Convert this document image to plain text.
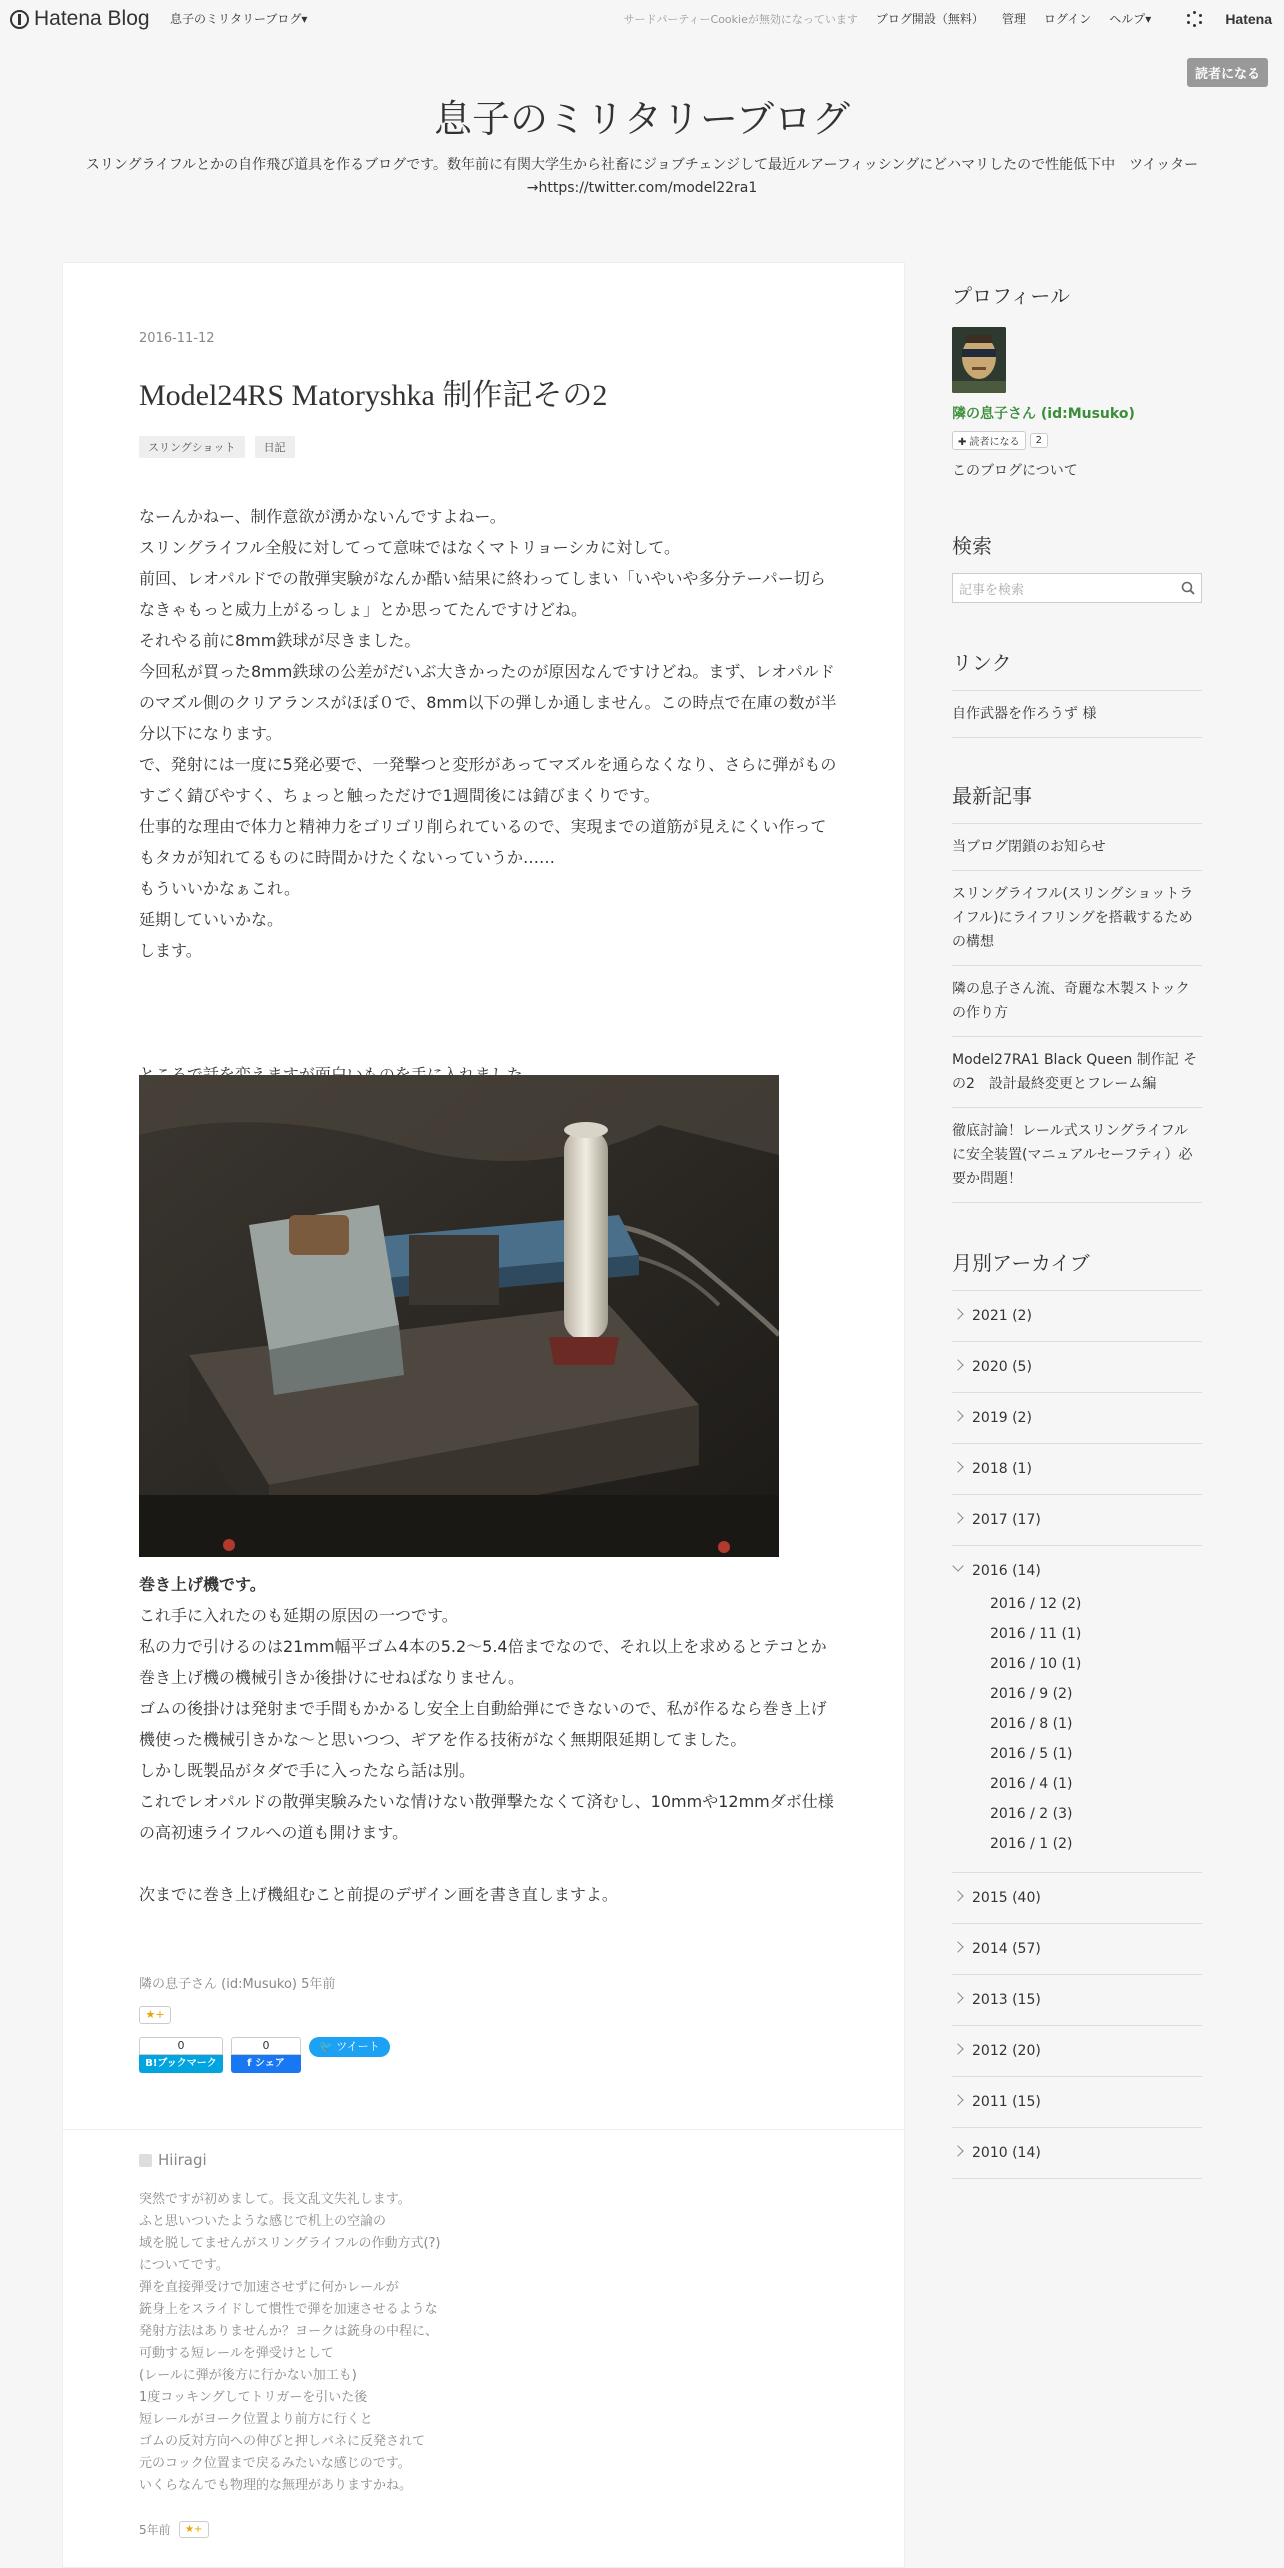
Hatena Blog 息子のミリタリーブログ▾	サードパーティーCookieが無効になっています ブログ開設（無料） 管理 ログイン ヘルプ▾	Hatena
読者になる
息子のミリタリーブログ
スリングライフルとかの自作飛び道具を作るブログです。数年前に有関大学生から社畜にジョブチェンジして最近ルアーフィッシングにどハマリしたので性能低下中　ツイッター→https://twitter.com/model22ra1
2016-11-12
Model24RS Matoryshka 制作記その2
スリングショット	日記

なーんかねー、制作意欲が湧かないんですよねー。

スリングライフル全般に対してって意味ではなくマトリョーシカに対して。

前回、レオパルドでの散弾実験がなんか酷い結果に終わってしまい「いやいや多分テーパー切らなきゃもっと威力上がるっしょ」とか思ってたんですけどね。

それやる前に8mm鉄球が尽きました。

今回私が買った8mm鉄球の公差がだいぶ大きかったのが原因なんですけどね。まず、レオパルドのマズル側のクリアランスがほぼ０で、8mm以下の弾しか通しません。この時点で在庫の数が半分以下になります。

で、発射には一度に5発必要で、一発撃つと変形があってマズルを通らなくなり、さらに弾がものすごく錆びやすく、ちょっと触っただけで1週間後には錆びまくりです。

仕事的な理由で体力と精神力をゴリゴリ削られているので、実現までの道筋が見えにくい作ってもタカが知れてるものに時間かけたくないっていうか……

もういいかなぁこれ。

延期していいかな。

します。

巻き上げ機です。

これ手に入れたのも延期の原因の一つです。

私の力で引けるのは21mm幅平ゴム4本の5.2〜5.4倍までなので、それ以上を求めるとテコとか巻き上げ機の機械引きか後掛けにせねばなりません。

ゴムの後掛けは発射まで手間もかかるし安全上自動給弾にできないので、私が作るなら巻き上げ機使った機械引きかな〜と思いつつ、ギアを作る技術がなく無期限延期してました。

しかし既製品がタダで手に入ったなら話は別。

これでレオパルドの散弾実験みたいな情けない散弾撃たなくて済むし、10mmや12mmダボ仕様の高初速ライフルへの道も開けます。

次までに巻き上げ機組むこと前提のデザイン画を書き直しますよ。

隣の息子さん (id:Musuko) 5年前
★+
0
B!ブックマーク
0
f シェア
🐦 ツイート
Hiiragi
突然ですが初めまして。長文乱文失礼します。
ふと思いついたような感じで机上の空論の
域を脱してませんがスリングライフルの作動方式(?)
についてです。
弾を直接弾受けで加速させずに何かレールが
銃身上をスライドして慣性で弾を加速させるような
発射方法はありませんか？ヨークは銃身の中程に、
可動する短レールを弾受けとして
(レールに弾が後方に行かない加工も)
1度コッキングしてトリガーを引いた後
短レールがヨーク位置より前方に行くと
ゴムの反対方向への伸びと押しバネに反発されて
元のコック位置まで戻るみたいな感じのです。
いくらなんでも物理的な無理がありますかね。
5年前	★+
プロフィール
隣の息子さん (id:Musuko)
✚ 読者になる	2
このブログについて
検索
記事を検索
リンク
自作武器を作ろうず 様
最新記事
当ブログ閉鎖のお知らせ
スリングライフル(スリングショットライフル)にライフリングを搭載するための構想
隣の息子さん流、奇麗な木製ストックの作り方
Model27RA1 Black Queen 制作記 その2　設計最終変更とフレーム編
徹底討論！レール式スリングライフルに安全装置(マニュアルセーフティ）必要か問題！
月別アーカイブ
2021 (2)
2020 (5)
2019 (2)
2018 (1)
2017 (17)
2016 (14)
2016 / 12 (2)
2016 / 11 (1)
2016 / 10 (1)
2016 / 9 (2)
2016 / 8 (1)
2016 / 5 (1)
2016 / 4 (1)
2016 / 2 (3)
2016 / 1 (2)
2015 (40)
2014 (57)
2013 (15)
2012 (20)
2011 (15)
2010 (14)
